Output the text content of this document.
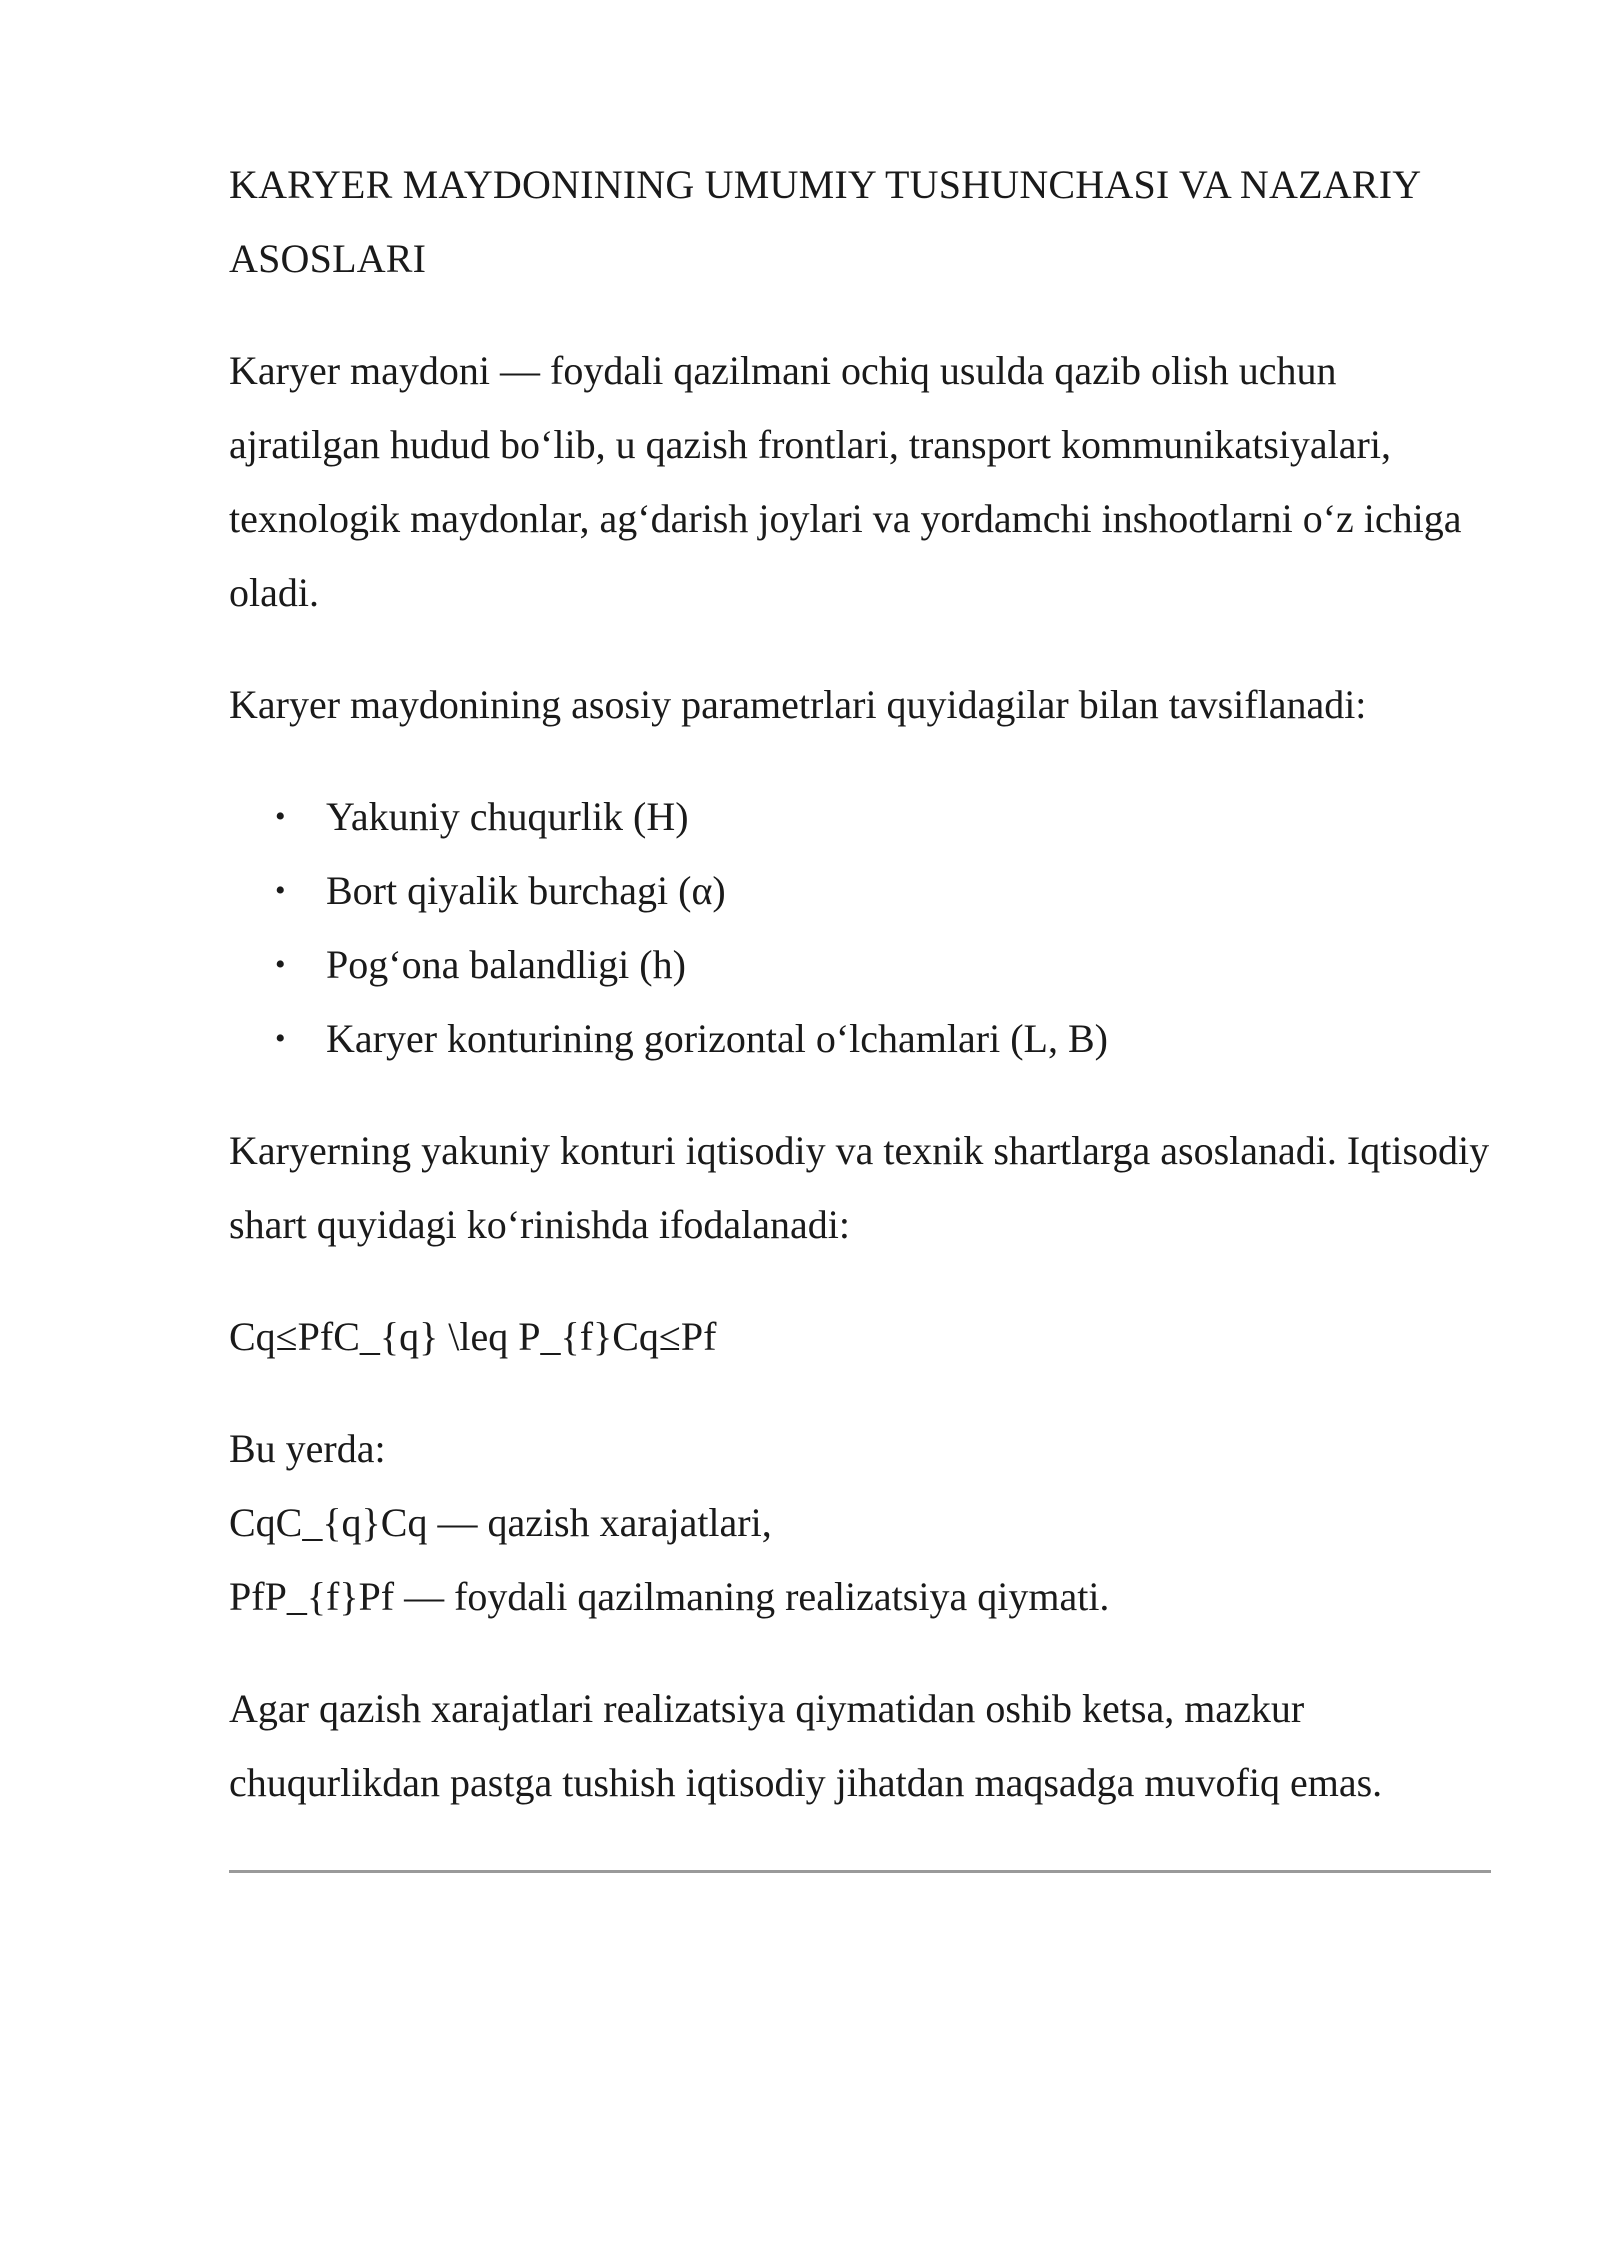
KARYER MAYDONINING UMUMIY TUSHUNCHASI VA NAZARIY ASOSLARI

Karyer maydoni — foydali qazilmani ochiq usulda qazib olish uchun ajratilgan hudud bo‘lib, u qazish frontlari, transport kommunikatsiyalari, texnologik maydonlar, ag‘darish joylari va yordamchi inshootlarni o‘z ichiga oladi.

Karyer maydonining asosiy parametrlari quyidagilar bilan tavsiflanadi:

• Yakuniy chuqurlik (H)
• Bort qiyalik burchagi (α)
• Pog‘ona balandligi (h)
• Karyer konturining gorizontal o‘lchamlari (L, B)

Karyerning yakuniy konturi iqtisodiy va texnik shartlarga asoslanadi. Iqtisodiy shart quyidagi ko‘rinishda ifodalanadi:

Cq≤PfC_{q} \leq P_{f}Cq≤Pf

Bu yerda:
CqC_{q}Cq — qazish xarajatlari,
PfP_{f}Pf — foydali qazilmaning realizatsiya qiymati.

Agar qazish xarajatlari realizatsiya qiymatidan oshib ketsa, mazkur chuqurlikdan pastga tushish iqtisodiy jihatdan maqsadga muvofiq emas.
